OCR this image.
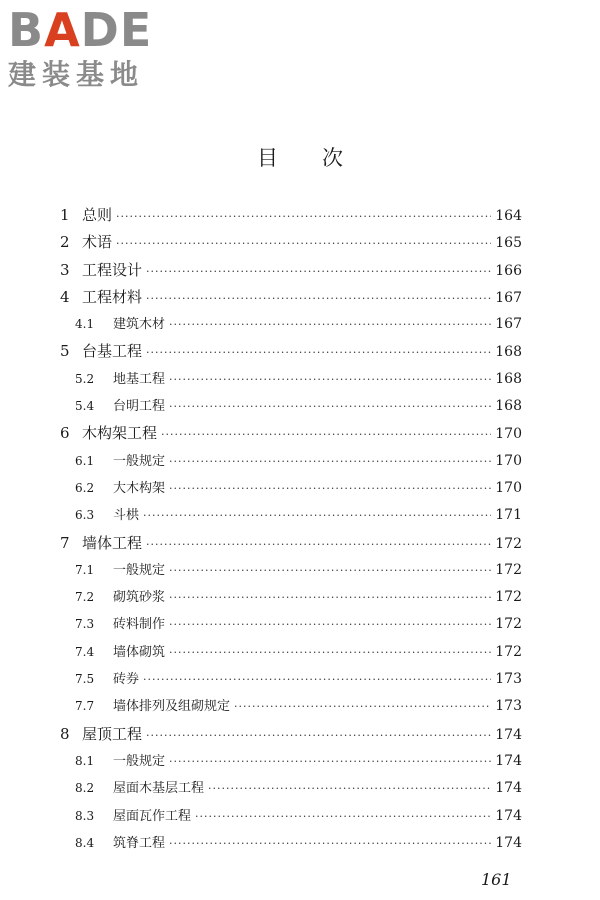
BADE
建装基地
目次
1 总则 ·····	164
2 术语 ·····	165
3 工程设计 ·····	166
4 工程材料 ·····	167
4.1	建筑木材 ·····	167
5 台基工程 ·····	168
5.2	地基工程 ·····	168
5.4	台明工程 ·····	168
6 木构架工程 ·····	170
6.1	一般规定 ·····	170
6.2	大木构架 ·····	170
6.3	斗栱 ·····	171
7 墙体工程 ·····	172
7.1	一般规定 ·····	172
7.2	砌筑砂浆 ·····	172
7.3	砖料制作 ·····	172
7.4	墙体砌筑 ·····	172
7.5	砖券 ·····	173
7.7	墙体排列及组砌规定 ·····	173
8 屋顶工程 ·····	174
8.1	一般规定 ·····	174
8.2	屋面木基层工程 ·····	174
8.3	屋面瓦作工程 ·····	174
8.4	筑脊工程 ·····	174
161
